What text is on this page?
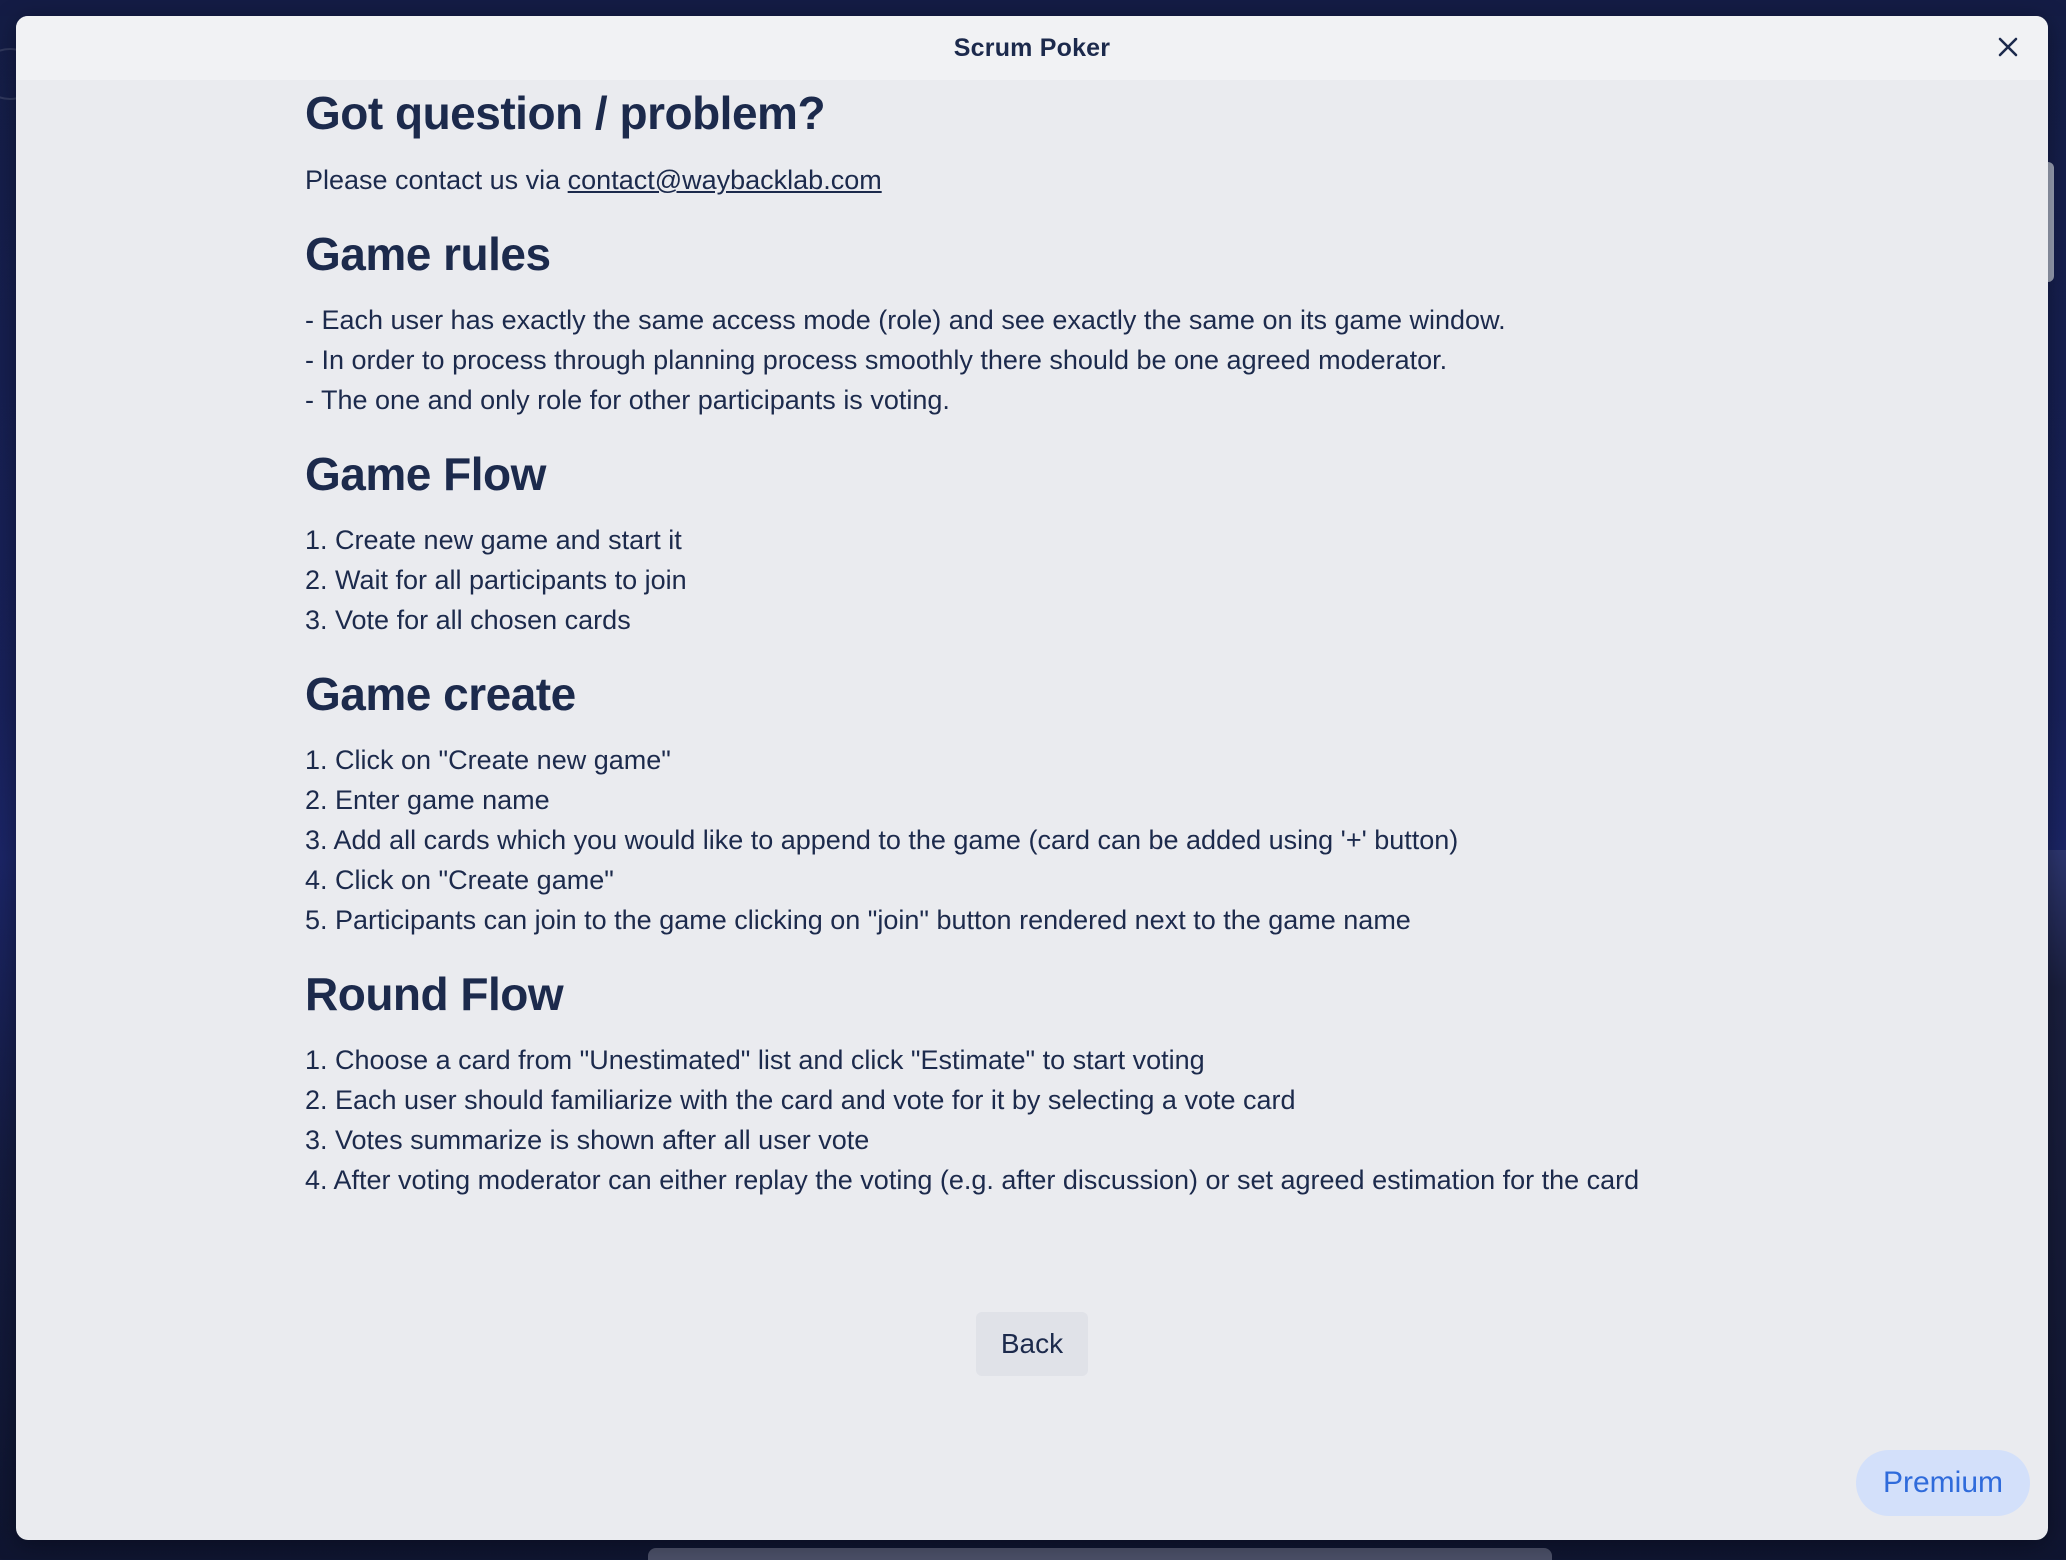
Scrum Poker
Got question / problem?

Please contact us via contact@waybacklab.com

Game rules
- Each user has exactly the same access mode (role) and see exactly the same on its game window.
- In order to process through planning process smoothly there should be one agreed moderator.
- The one and only role for other participants is voting.
Game Flow
1. Create new game and start it
2. Wait for all participants to join
3. Vote for all chosen cards
Game create
1. Click on "Create new game"
2. Enter game name
3. Add all cards which you would like to append to the game (card can be added using '+' button)
4. Click on "Create game"
5. Participants can join to the game clicking on "join" button rendered next to the game name
Round Flow
1. Choose a card from "Unestimated" list and click "Estimate" to start voting
2. Each user should familiarize with the card and vote for it by selecting a vote card
3. Votes summarize is shown after all user vote
4. After voting moderator can either replay the voting (e.g. after discussion) or set agreed estimation for the card
Back
Premium
